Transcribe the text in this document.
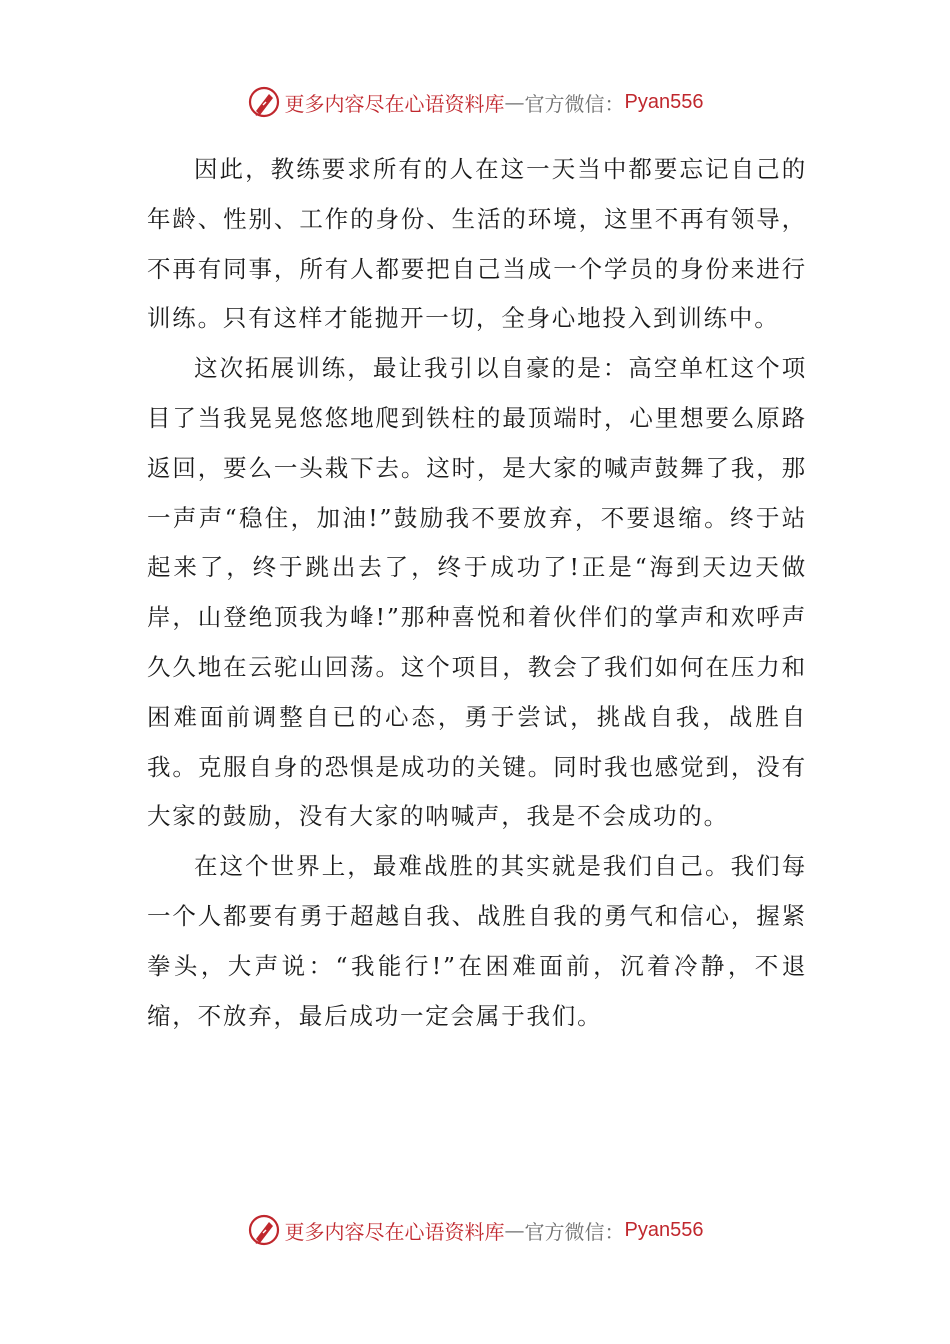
更多内容尽在心语资料库 — 官方微信： Pyan556

因此，教练要求所有的人在这一天当中都要忘记自己的年龄、性别、工作的身份、生活的环境，这里不再有领导，不再有同事，所有人都要把自己当成一个学员的身份来进行训练。只有这样才能抛开一切，全身心地投入到训练中。

这次拓展训练，最让我引以自豪的是：高空单杠这个项目了当我晃晃悠悠地爬到铁柱的最顶端时，心里想要么原路返回，要么一头栽下去。这时，是大家的喊声鼓舞了我，那一声声“稳住，加油!”鼓励我不要放弃，不要退缩。终于站起来了，终于跳出去了，终于成功了!正是“海到天边天做岸，山登绝顶我为峰!”那种喜悦和着伙伴们的掌声和欢呼声久久地在云驼山回荡。这个项目，教会了我们如何在压力和困难面前调整自已的心态，勇于尝试，挑战自我，战胜自我。克服自身的恐惧是成功的关键。同时我也感觉到，没有大家的鼓励，没有大家的呐喊声，我是不会成功的。

在这个世界上，最难战胜的其实就是我们自己。我们每一个人都要有勇于超越自我、战胜自我的勇气和信心，握紧拳头，大声说：“我能行!”在困难面前，沉着冷静，不退缩，不放弃，最后成功一定会属于我们。

更多内容尽在心语资料库 — 官方微信： Pyan556
